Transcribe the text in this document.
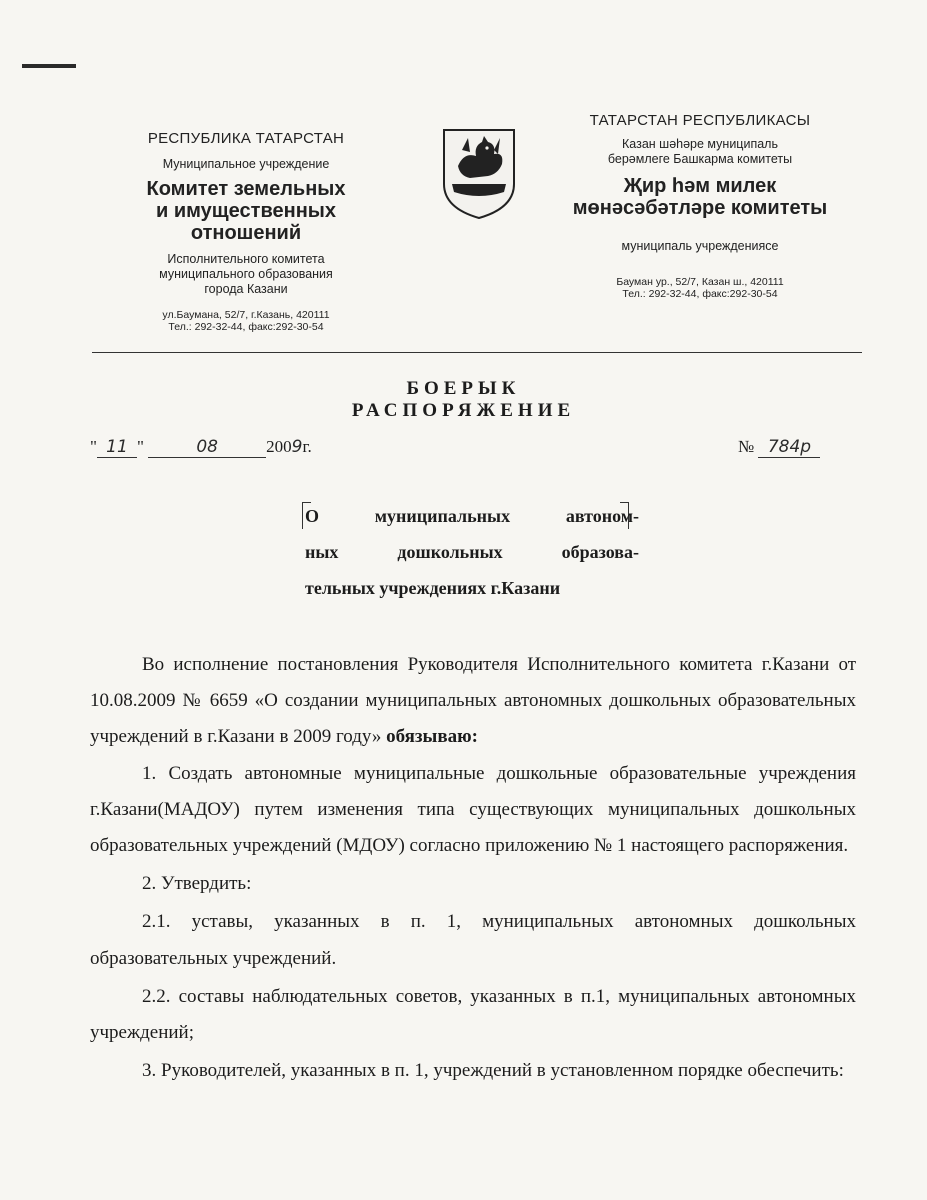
РЕСПУБЛИКА ТАТАРСТАН
Муниципальное учреждение
Комитет земельных
и имущественных
отношений
Исполнительного комитета
муниципального образования
города Казани
ул.Баумана, 52/7, г.Казань, 420111
Тел.: 292-32-44, факс:292-30-54
ТАТАРСТАН РЕСПУБЛИКАСЫ
Казан шәһәре муниципаль
берәмлеге Башкарма комитеты
Җир һәм милек
мөнәсәбәтләре комитеты
муниципаль учреждениясе
Бауман ур., 52/7, Казан ш., 420111
Тел.: 292-32-44, факс:292-30-54
БОЕРЫК
РАСПОРЯЖЕНИЕ
" 11 "	08	2009г.	№ 784р
О муниципальных автоном-
ных дошкольных образова-
тельных учреждениях г.Казани

Во исполнение постановления Руководителя Исполнительного комитета г.Казани от 10.08.2009 № 6659 «О создании муниципальных автономных дошкольных образовательных учреждений в г.Казани в 2009 году» обязываю:

1. Создать автономные муниципальные дошкольные образовательные учреждения г.Казани(МАДОУ) путем изменения типа существующих муниципальных дошкольных образовательных учреждений (МДОУ) согласно приложению № 1 настоящего распоряжения.

2. Утвердить:

2.1. уставы, указанных в п. 1, муниципальных автономных дошкольных образовательных учреждений.

2.2. составы наблюдательных советов, указанных в п.1, муниципальных автономных учреждений;

3. Руководителей, указанных в п. 1, учреждений в установленном порядке обеспечить:
